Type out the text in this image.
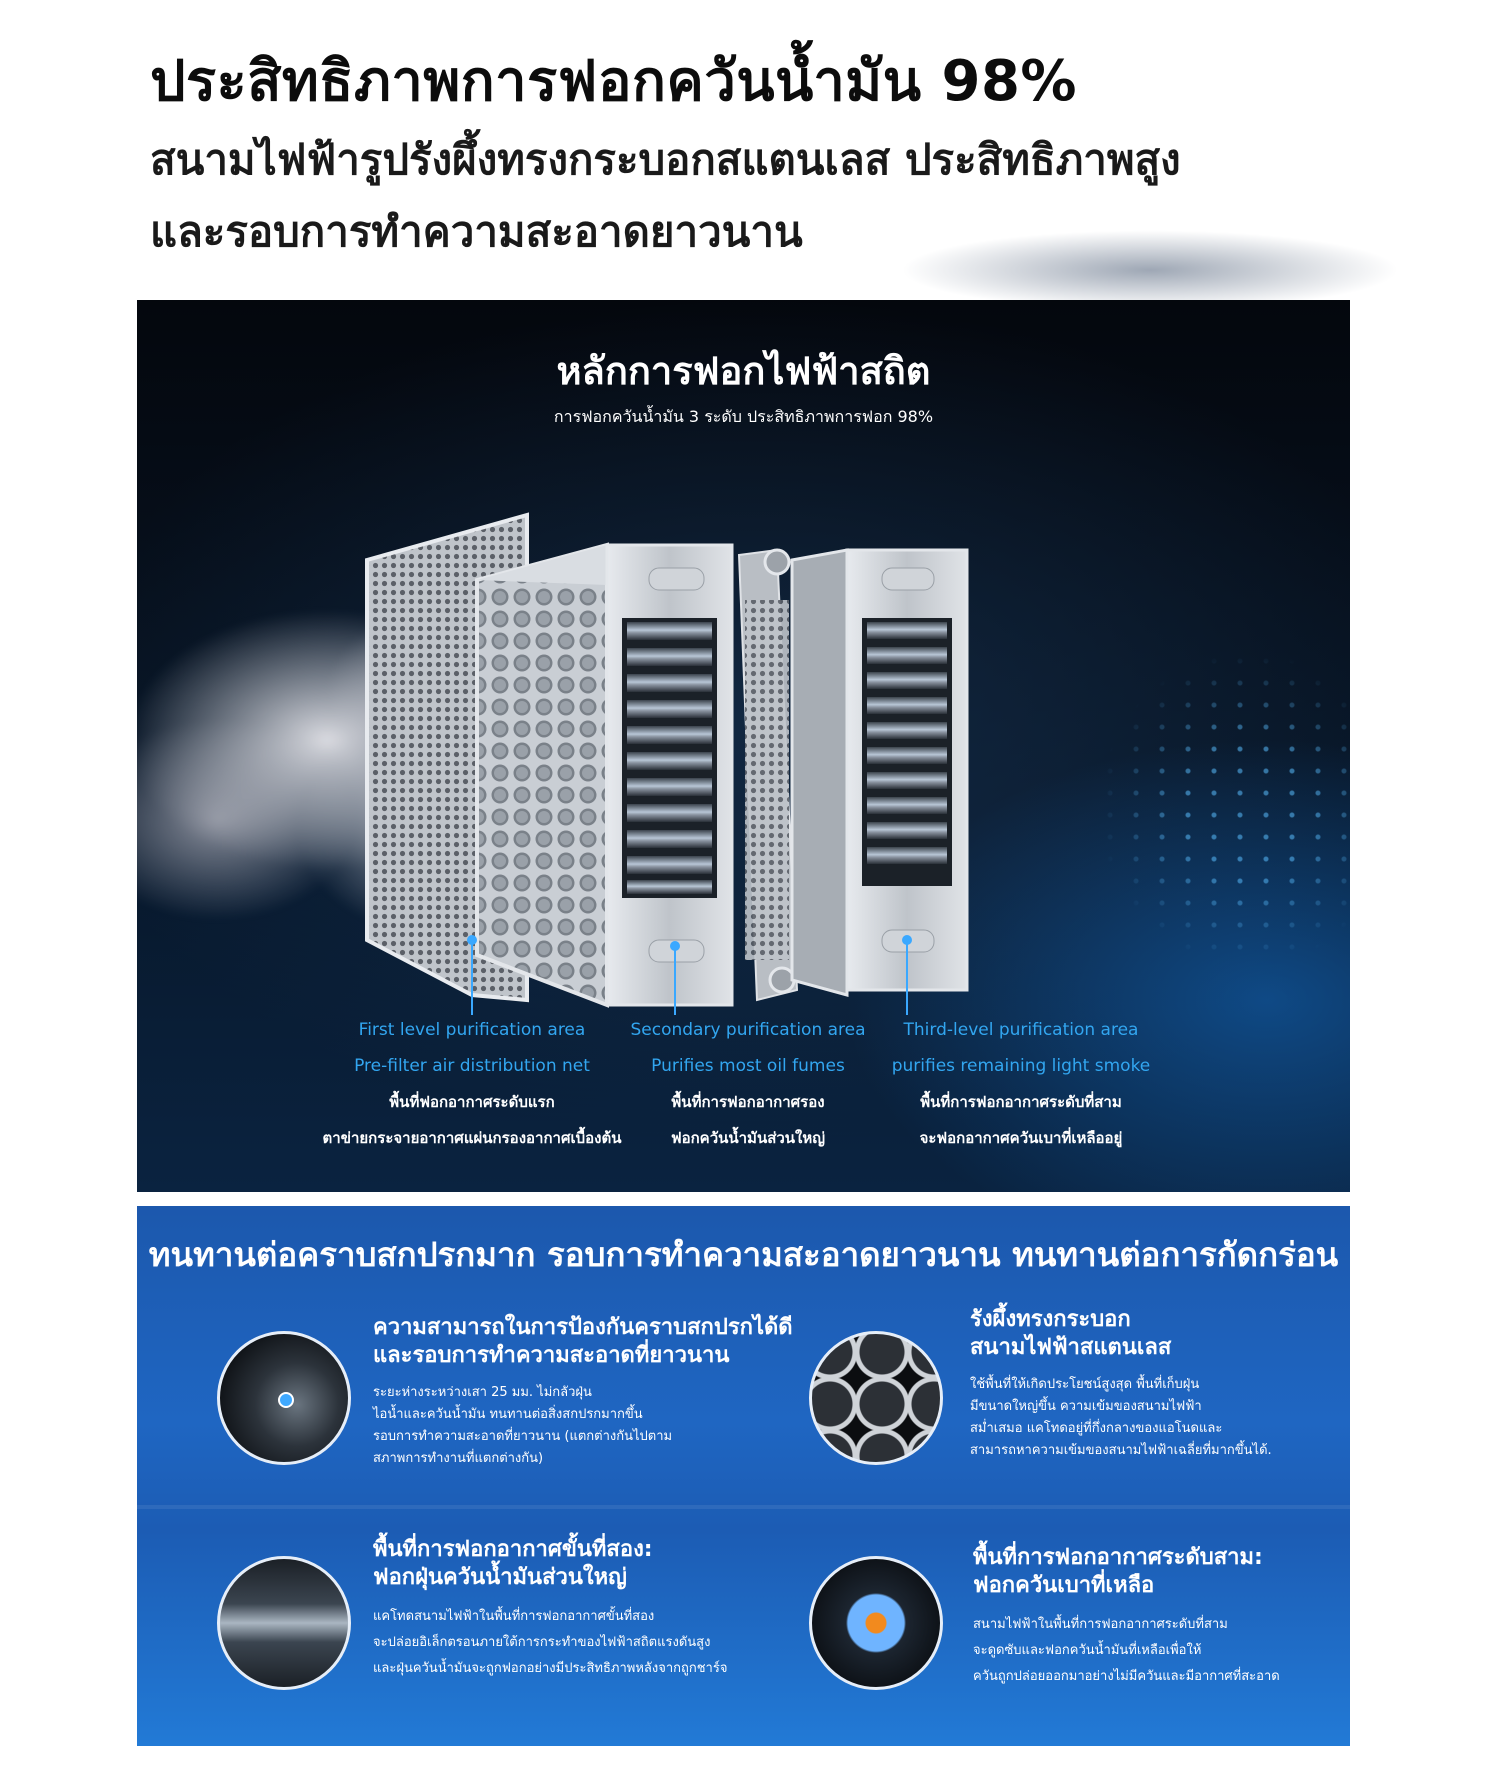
ประสิทธิภาพการฟอกควันน้ำมัน 98%

สนามไฟฟ้ารูปรังผึ้งทรงกระบอกสแตนเลส ประสิทธิภาพสูง

และรอบการทำความสะอาดยาวนาน

หลักการฟอกไฟฟ้าสถิต
การฟอกควันน้ำมัน 3 ระดับ ประสิทธิภาพการฟอก 98%
First level purification area
Pre-filter air distribution net
พื้นที่ฟอกอากาศระดับแรก
ตาข่ายกระจายอากาศแผ่นกรองอากาศเบื้องต้น
Secondary purification area
Purifies most oil fumes
พื้นที่การฟอกอากาศรอง
ฟอกควันน้ำมันส่วนใหญ่
Third-level purification area
purifies remaining light smoke
พื้นที่การฟอกอากาศระดับที่สาม
จะฟอกอากาศควันเบาที่เหลืออยู่
ทนทานต่อคราบสกปรกมาก รอบการทำความสะอาดยาวนาน ทนทานต่อการกัดกร่อน

ความสามารถในการป้องกันคราบสกปรกได้ดี

และรอบการทำความสะอาดที่ยาวนาน

ระยะห่างระหว่างเสา 25 มม. ไม่กลัวฝุ่น
ไอน้ำและควันน้ำมัน ทนทานต่อสิ่งสกปรกมากขึ้น
รอบการทำความสะอาดที่ยาวนาน (แตกต่างกันไปตาม
สภาพการทำงานที่แตกต่างกัน)

รังผึ้งทรงกระบอก

สนามไฟฟ้าสแตนเลส

ใช้พื้นที่ให้เกิดประโยชน์สูงสุด พื้นที่เก็บฝุ่น
มีขนาดใหญ่ขึ้น ความเข้มของสนามไฟฟ้า
สม่ำเสมอ แคโทดอยู่ที่กึ่งกลางของแอโนดและ
สามารถหาความเข้มของสนามไฟฟ้าเฉลี่ยที่มากขึ้นได้.

พื้นที่การฟอกอากาศขั้นที่สอง:

ฟอกฝุ่นควันน้ำมันส่วนใหญ่

แคโทดสนามไฟฟ้าในพื้นที่การฟอกอากาศขั้นที่สอง
จะปล่อยอิเล็กตรอนภายใต้การกระทำของไฟฟ้าสถิตแรงดันสูง
และฝุ่นควันน้ำมันจะถูกฟอกอย่างมีประสิทธิภาพหลังจากถูกชาร์จ

พื้นที่การฟอกอากาศระดับสาม:

ฟอกควันเบาที่เหลือ

สนามไฟฟ้าในพื้นที่การฟอกอากาศระดับที่สาม
จะดูดซับและฟอกควันน้ำมันที่เหลือเพื่อให้
ควันถูกปล่อยออกมาอย่างไม่มีควันและมีอากาศที่สะอาด
